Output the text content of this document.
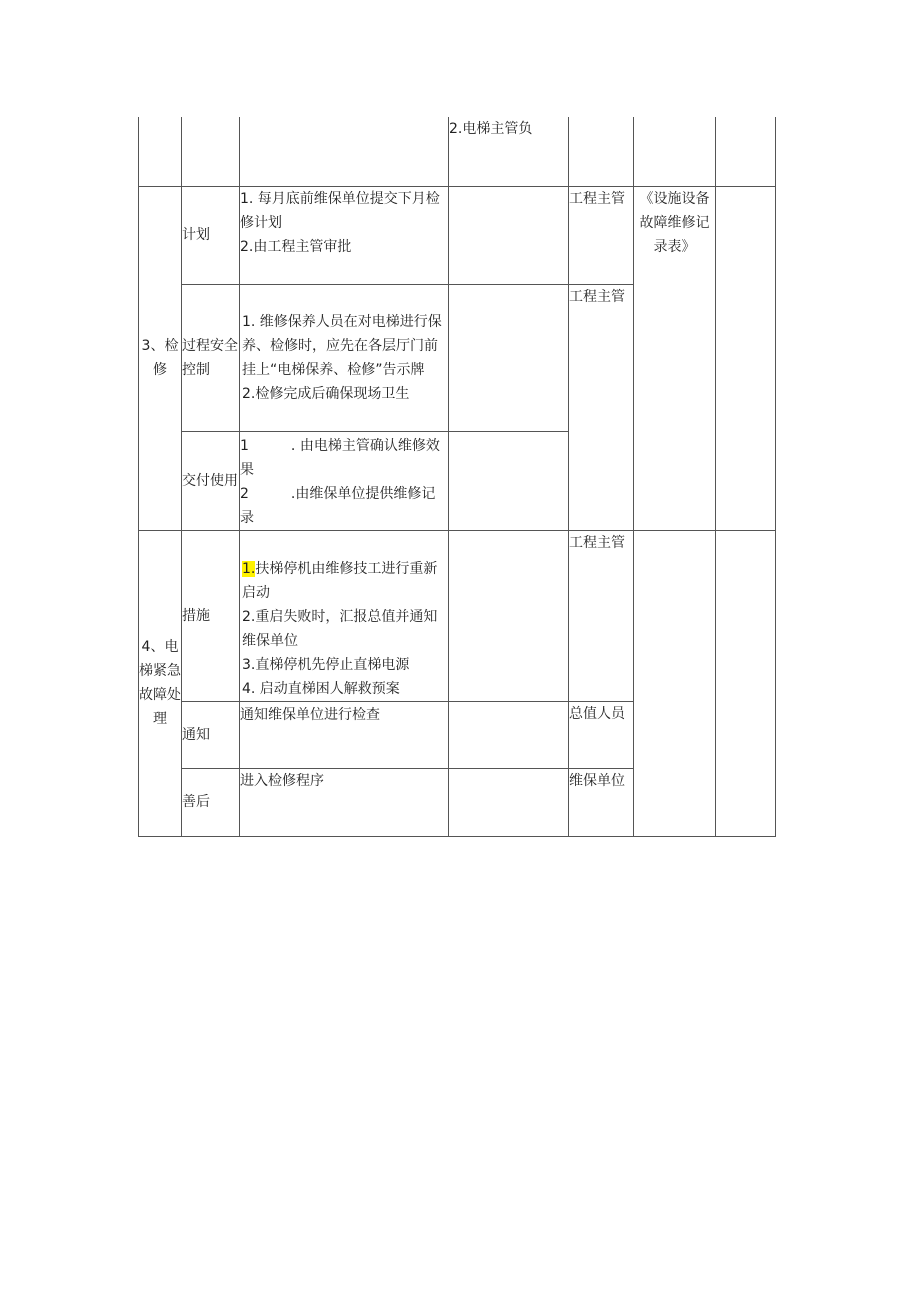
			2.电梯主管负			
3、检修	计划	1. 每月底前维保单位提交下月检修计划

2.由工程主管审批		工程主管	《设施设备故障维修记录表》	
	过程安全控制	1. 维修保养人员在对电梯进行保养、检修时，应先在各层厅门前挂上“电梯保养、检修”告示牌

2.检修完成后确保现场卫生		工程主管		
	交付使用	1 . 由电梯主管确认维修效果

2 .由维保单位提供维修记录				

4、电梯紧急故障处理	措施	1.扶梯停机由维修技工进行重新启动

2.重启失败时，汇报总值并通知维保单位

3.直梯停机先停止直梯电源

4. 启动直梯困人解救预案		工程主管		
	通知	通知维保单位进行检查		总值人员		
	善后	进入检修程序		维保单位		
